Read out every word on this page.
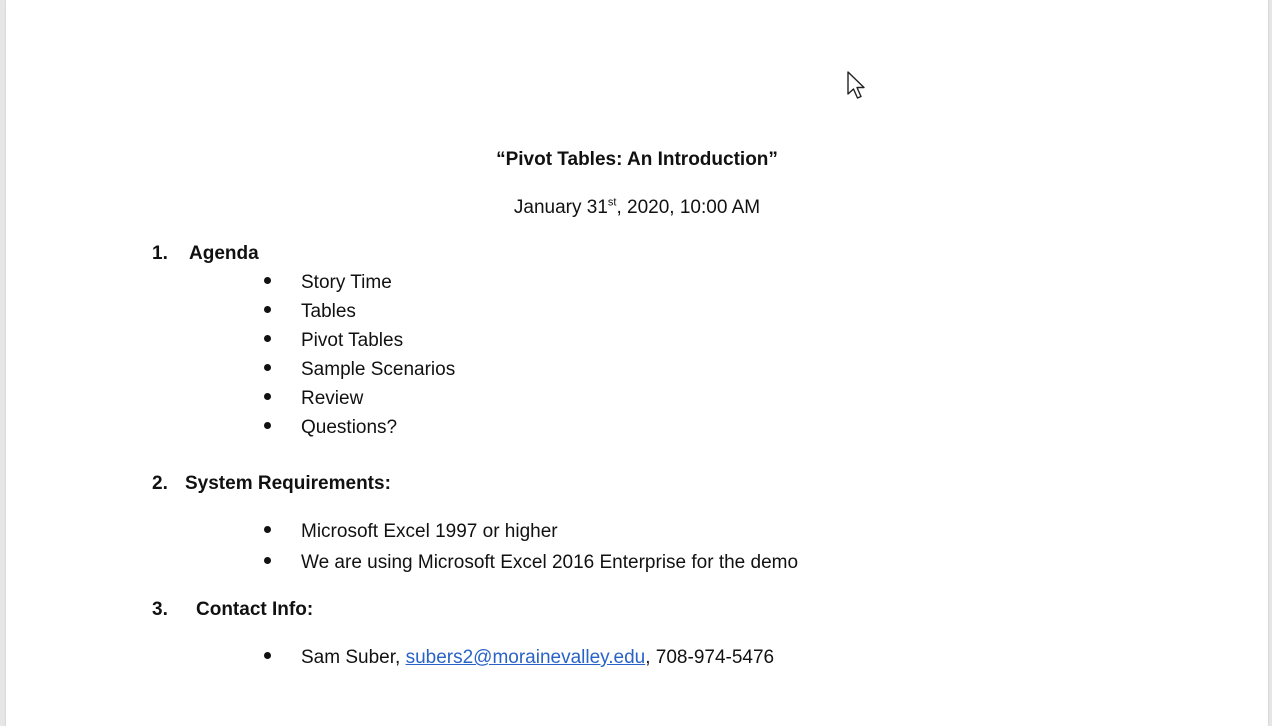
“Pivot Tables: An Introduction”
January 31st, 2020, 10:00 AM
1. Agenda
Story Time
Tables
Pivot Tables
Sample Scenarios
Review
Questions?
2. System Requirements:
Microsoft Excel 1997 or higher
We are using Microsoft Excel 2016 Enterprise for the demo
3. Contact Info:
Sam Suber, subers2@morainevalley.edu, 708-974-5476
